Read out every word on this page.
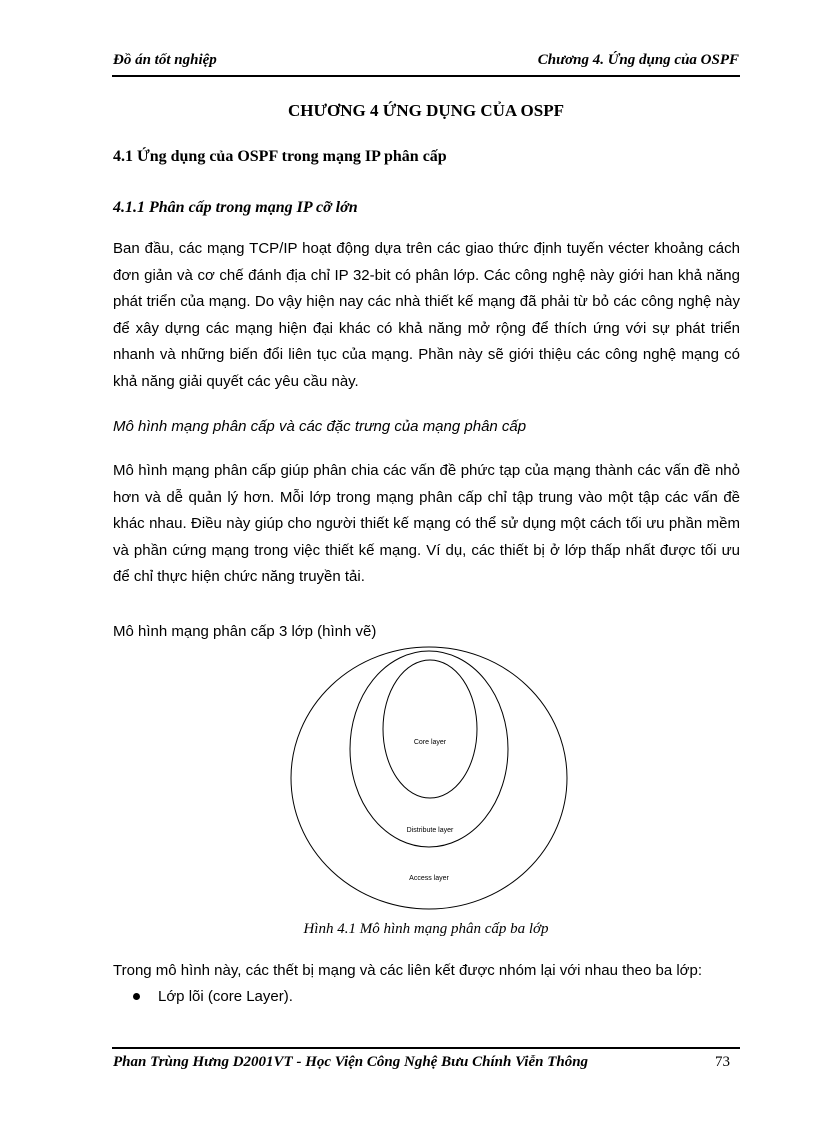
Đồ án tốt nghiệp	Chương 4. Ứng dụng của OSPF
CHƯƠNG 4 ỨNG DỤNG CỦA OSPF
4.1 Ứng dụng của OSPF trong mạng IP phân cấp
4.1.1 Phân cấp trong mạng IP cỡ lớn

Ban đầu, các mạng TCP/IP hoạt động dựa trên các giao thức định tuyến vécter khoảng cách đơn giản và cơ chế đánh địa chỉ IP 32-bit có phân lớp. Các công nghệ này giới han khả năng phát triển của mạng. Do vậy hiện nay các nhà thiết kế mạng đã phải từ bỏ các công nghệ này để xây dựng các mạng hiện đại khác có khả năng mở rộng để thích ứng với sự phát triển nhanh và những biến đổi liên tục của mạng. Phần này sẽ giới thiệu các công nghệ mạng có khả năng giải quyết các yêu cầu này.

Mô hình mạng phân cấp và các đặc trưng của mạng phân cấp

Mô hình mạng phân cấp giúp phân chia các vấn đề phức tạp của mạng thành các vấn đề nhỏ hơn và dễ quản lý hơn. Mỗi lớp trong mạng phân cấp chỉ tập trung vào một tập các vấn đề khác nhau. Điều này giúp cho người thiết kế mạng có thể sử dụng một cách tối ưu phần mềm và phần cứng mạng trong việc thiết kế mạng. Ví dụ, các thiết bị ở lớp thấp nhất được tối ưu để chỉ thực hiện chức năng truyền tải.

Mô hình mạng phân cấp 3 lớp (hình vẽ)
Core layer
Distribute layer
Access layer
Hình 4.1 Mô hình mạng phân cấp ba lớp
Trong mô hình này, các thết bị mạng và các liên kết được nhóm lại với nhau theo ba lớp:
Lớp lõi (core Layer).
Phan Trùng Hưng D2001VT - Học Viện Công Nghệ Bưu Chính Viễn Thông	73
